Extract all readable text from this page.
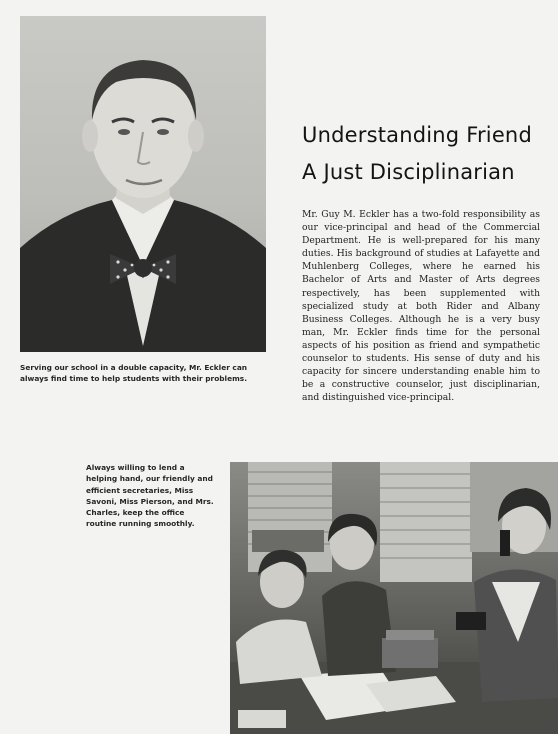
Understanding Friend
A Just Disciplinarian

Mr. Guy M. Eckler has a two-fold responsibility as our vice-principal and head of the Commercial Department. He is well-prepared for his many duties. His background of studies at Lafayette and Muhlenberg Colleges, where he earned his Bachelor of Arts and Master of Arts degrees respectively, has been supplemented with specialized study at both Rider and Albany Business Colleges. Although he is a very busy man, Mr. Eckler finds time for the personal aspects of his position as friend and sympathetic counselor to students. His sense of duty and his capacity for sincere understanding enable him to be a constructive counselor, just disciplinarian, and distinguished vice-principal.

Serving our school in a double capacity, Mr. Eckler can always find time to help students with their problems.

Always willing to lend a helping hand, our friendly and efficient secretaries, Miss Savoni, Miss Pierson, and Mrs. Charles, keep the office routine running smoothly.
